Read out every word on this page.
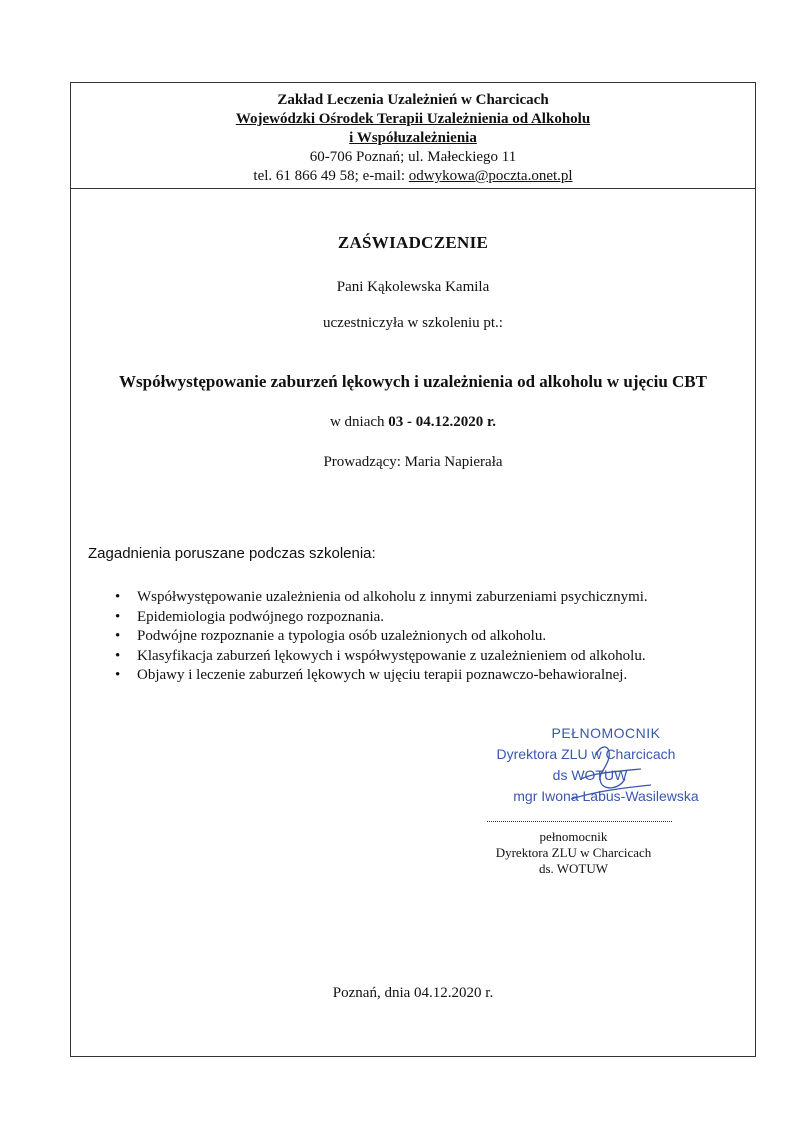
Zakład Leczenia Uzależnień w Charcicach
Wojewódzki Ośrodek Terapii Uzależnienia od Alkoholu
i Współuzależnienia
60-706 Poznań; ul. Małeckiego 11
tel. 61 866 49 58; e-mail: odwykowa@poczta.onet.pl
ZAŚWIADCZENIE
Pani Kąkolewska Kamila
uczestniczyła w szkoleniu pt.:
Współwystępowanie zaburzeń lękowych i uzależnienia od alkoholu w ujęciu CBT
w dniach 03 - 04.12.2020 r.
Prowadzący: Maria Napierała
Zagadnienia poruszane podczas szkolenia:
• Współwystępowanie uzależnienia od alkoholu z innymi zaburzeniami psychicznymi.
• Epidemiologia podwójnego rozpoznania.
• Podwójne rozpoznanie a typologia osób uzależnionych od alkoholu.
• Klasyfikacja zaburzeń lękowych i współwystępowanie z uzależnieniem od alkoholu.
• Objawy i leczenie zaburzeń lękowych w ujęciu terapii poznawczo-behawioralnej.
PEŁNOMOCNIK
Dyrektora ZLU w Charcicach
ds WOTUW
mgr Iwona Labus-Wasilewska
pełnomocnik
Dyrektora ZLU w Charcicach
ds. WOTUW
Poznań, dnia 04.12.2020 r.
